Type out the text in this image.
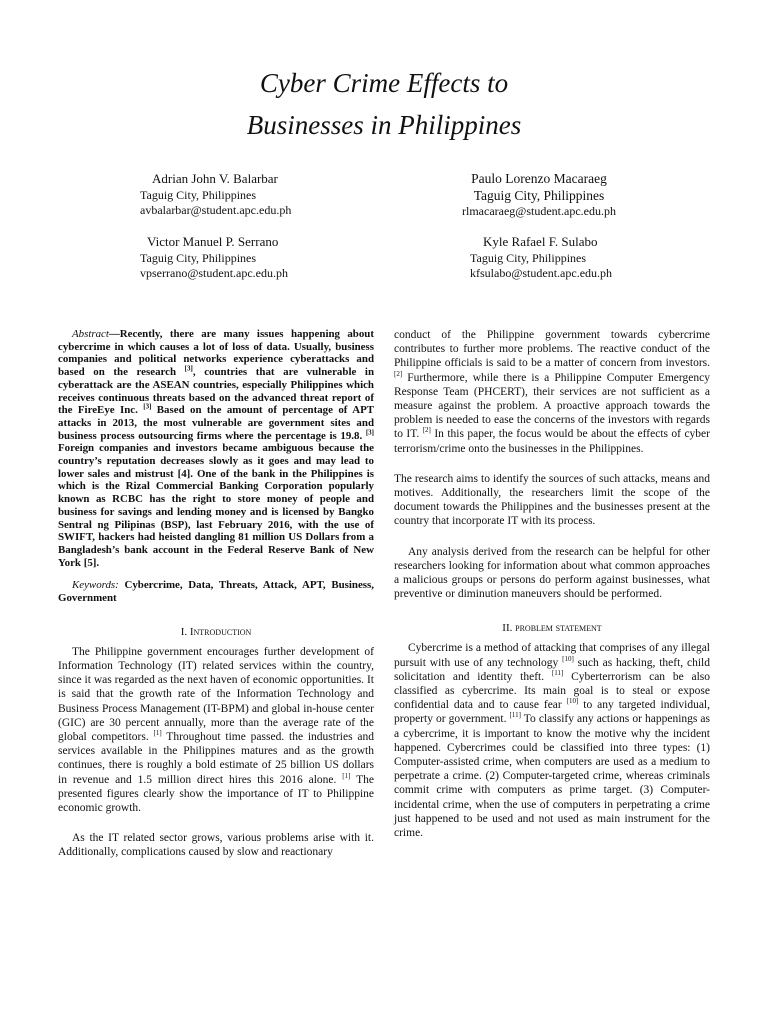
Cyber Crime Effects to
Businesses in Philippines
Adrian John V. Balarbar
Taguig City, Philippines
avbalarbar@student.apc.edu.ph
Paulo Lorenzo Macaraeg
Taguig City, Philippines
rlmacaraeg@student.apc.edu.ph
Victor Manuel P. Serrano
Taguig City, Philippines
vpserrano@student.apc.edu.ph
Kyle Rafael F. Sulabo
Taguig City, Philippines
kfsulabo@student.apc.edu.ph

Abstract—Recently, there are many issues happening about cybercrime in which causes a lot of loss of data. Usually, business companies and political networks experience cyberattacks and based on the research [3], countries that are vulnerable in cyberattack are the ASEAN countries, especially Philippines which receives continuous threats based on the advanced threat report of the FireEye Inc. [3] Based on the amount of percentage of APT attacks in 2013, the most vulnerable are government sites and business process outsourcing firms where the percentage is 19.8. [3] Foreign companies and investors became ambiguous because the country’s reputation decreases slowly as it goes and may lead to lower sales and mistrust [4]. One of the bank in the Philippines is which is the Rizal Commercial Banking Corporation popularly known as RCBC has the right to store money of people and business for savings and lending money and is licensed by Bangko Sentral ng Pilipinas (BSP), last February 2016, with the use of SWIFT, hackers had heisted dangling 81 million US Dollars from a Bangladesh’s bank account in the Federal Reserve Bank of New York [5].

Keywords: Cybercrime, Data, Threats, Attack, APT, Business, Government

I. Introduction

The Philippine government encourages further development of Information Technology (IT) related services within the country, since it was regarded as the next haven of economic opportunities. It is said that the growth rate of the Information Technology and Business Process Management (IT-BPM) and global in-house center (GIC) are 30 percent annually, more than the average rate of the global competitors. [1] Throughout time passed. the industries and services available in the Philippines matures and as the growth continues, there is roughly a bold estimate of 25 billion US dollars in revenue and 1.5 million direct hires this 2016 alone. [1] The presented figures clearly show the importance of IT to Philippine economic growth.

As the IT related sector grows, various problems arise with it. Additionally, complications caused by slow and reactionary

conduct of the Philippine government towards cybercrime contributes to further more problems. The reactive conduct of the Philippine officials is said to be a matter of concern from investors. [2] Furthermore, while there is a Philippine Computer Emergency Response Team (PHCERT), their services are not sufficient as a measure against the problem. A proactive approach towards the problem is needed to ease the concerns of the investors with regards to IT. [2] In this paper, the focus would be about the effects of cyber terrorism/crime onto the businesses in the Philippines.

The research aims to identify the sources of such attacks, means and motives. Additionally, the researchers limit the scope of the document towards the Philippines and the businesses present at the country that incorporate IT with its process.

Any analysis derived from the research can be helpful for other researchers looking for information about what common approaches a malicious groups or persons do perform against businesses, what preventive or diminution maneuvers should be performed.

II. problem statement

Cybercrime is a method of attacking that comprises of any illegal pursuit with use of any technology [10] such as hacking, theft, child solicitation and identity theft. [11] Cyberterrorism can be also classified as cybercrime. Its main goal is to steal or expose confidential data and to cause fear [10] to any targeted individual, property or government. [11] To classify any actions or happenings as a cybercrime, it is important to know the motive why the incident happened. Cybercrimes could be classified into three types: (1) Computer-assisted crime, when computers are used as a medium to perpetrate a crime. (2) Computer-targeted crime, whereas criminals commit crime with computers as prime target. (3) Computer-incidental crime, when the use of computers in perpetrating a crime just happened to be used and not used as main instrument for the crime.
